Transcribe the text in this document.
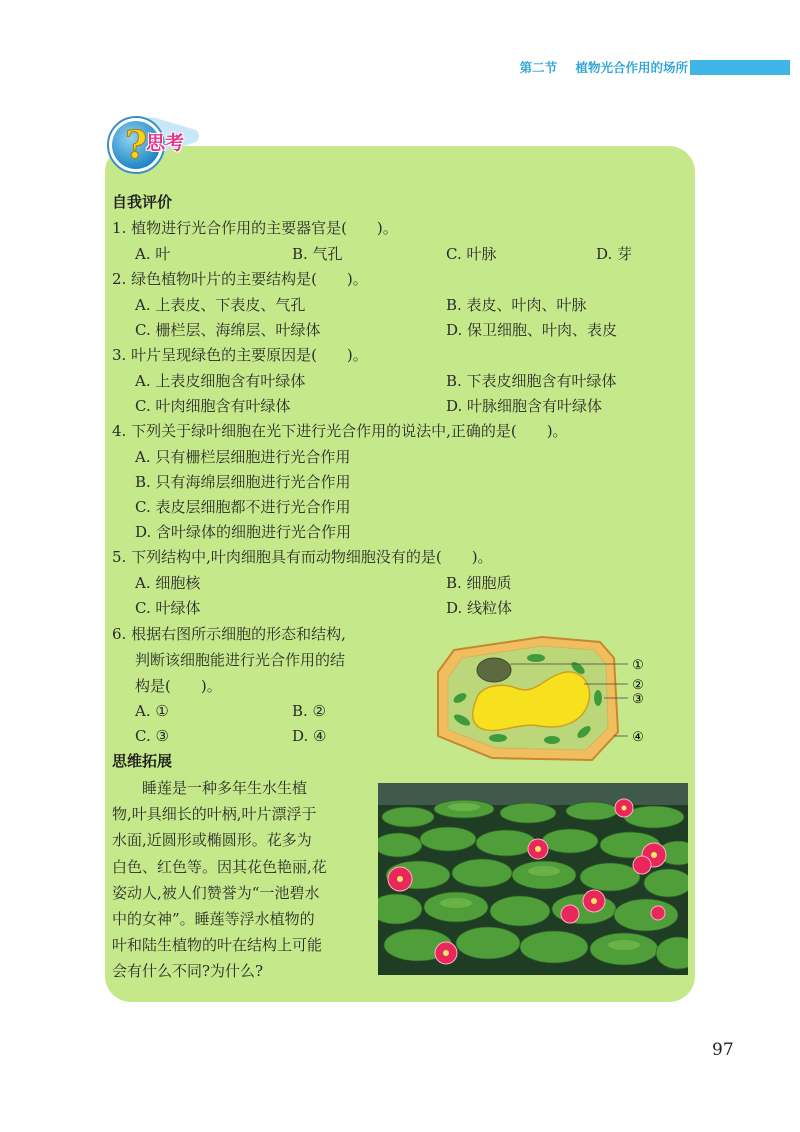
第二节 植物光合作用的场所
?
思考
自我评价
1. 植物进行光合作用的主要器官是(　　)。
A. 叶	B. 气孔	C. 叶脉	D. 芽
2. 绿色植物叶片的主要结构是(　　)。
A. 上表皮、下表皮、气孔	B. 表皮、叶肉、叶脉
C. 栅栏层、海绵层、叶绿体	D. 保卫细胞、叶肉、表皮
3. 叶片呈现绿色的主要原因是(　　)。
A. 上表皮细胞含有叶绿体	B. 下表皮细胞含有叶绿体
C. 叶肉细胞含有叶绿体	D. 叶脉细胞含有叶绿体
4. 下列关于绿叶细胞在光下进行光合作用的说法中,正确的是(　　)。
A. 只有栅栏层细胞进行光合作用
B. 只有海绵层细胞进行光合作用
C. 表皮层细胞都不进行光合作用
D. 含叶绿体的细胞进行光合作用
5. 下列结构中,叶肉细胞具有而动物细胞没有的是(　　)。
A. 细胞核	B. 细胞质
C. 叶绿体	D. 线粒体
6. 根据右图所示细胞的形态和结构,
判断该细胞能进行光合作用的结
构是(　　)。
A. ①	B. ②
C. ③	D. ④
①
②
③
④
思维拓展
睡莲是一种多年生水生植
物,叶具细长的叶柄,叶片漂浮于
水面,近圆形或椭圆形。花多为
白色、红色等。因其花色艳丽,花
姿动人,被人们赞誉为“一池碧水
中的女神”。睡莲等浮水植物的
叶和陆生植物的叶在结构上可能
会有什么不同?为什么?
97
